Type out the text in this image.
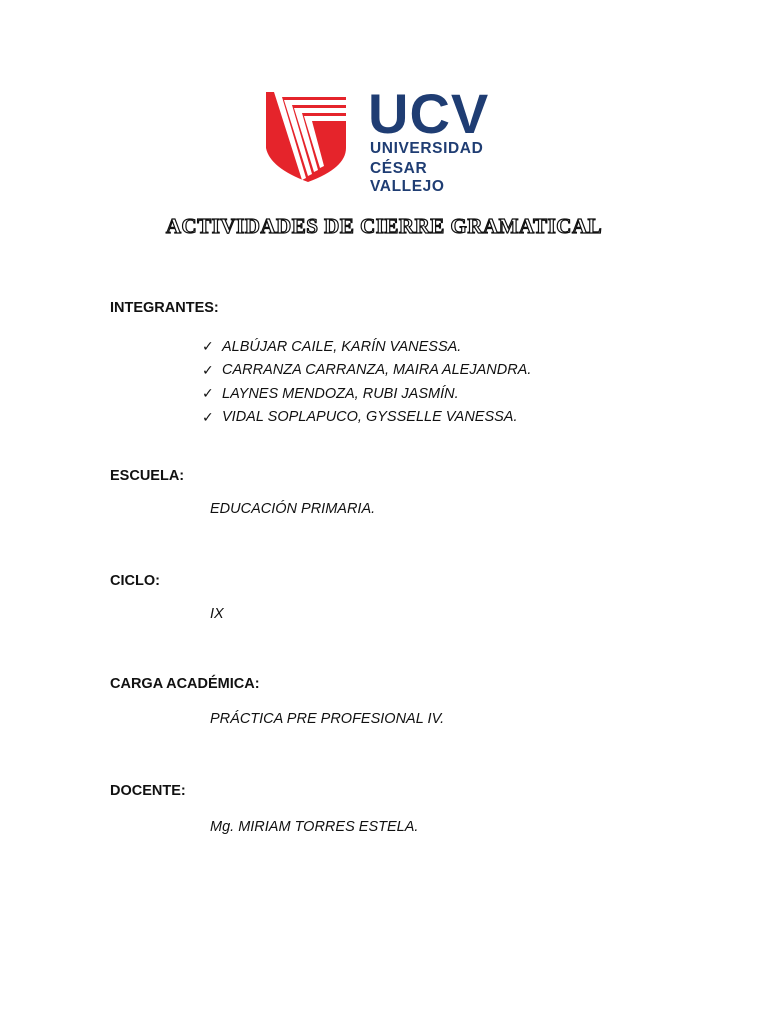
UCV
UNIVERSIDAD
CÉSAR VALLEJO
ACTIVIDADES DE CIERRE GRAMATICAL
INTEGRANTES:
✓ ALBÚJAR CAILE, KARÍN VANESSA.
✓ CARRANZA CARRANZA, MAIRA ALEJANDRA.
✓ LAYNES MENDOZA, RUBI JASMÍN.
✓ VIDAL SOPLAPUCO, GYSSELLE VANESSA.
ESCUELA:
EDUCACIÓN PRIMARIA.
CICLO:
IX
CARGA ACADÉMICA:
PRÁCTICA PRE PROFESIONAL IV.
DOCENTE:
Mg. MIRIAM TORRES ESTELA.
